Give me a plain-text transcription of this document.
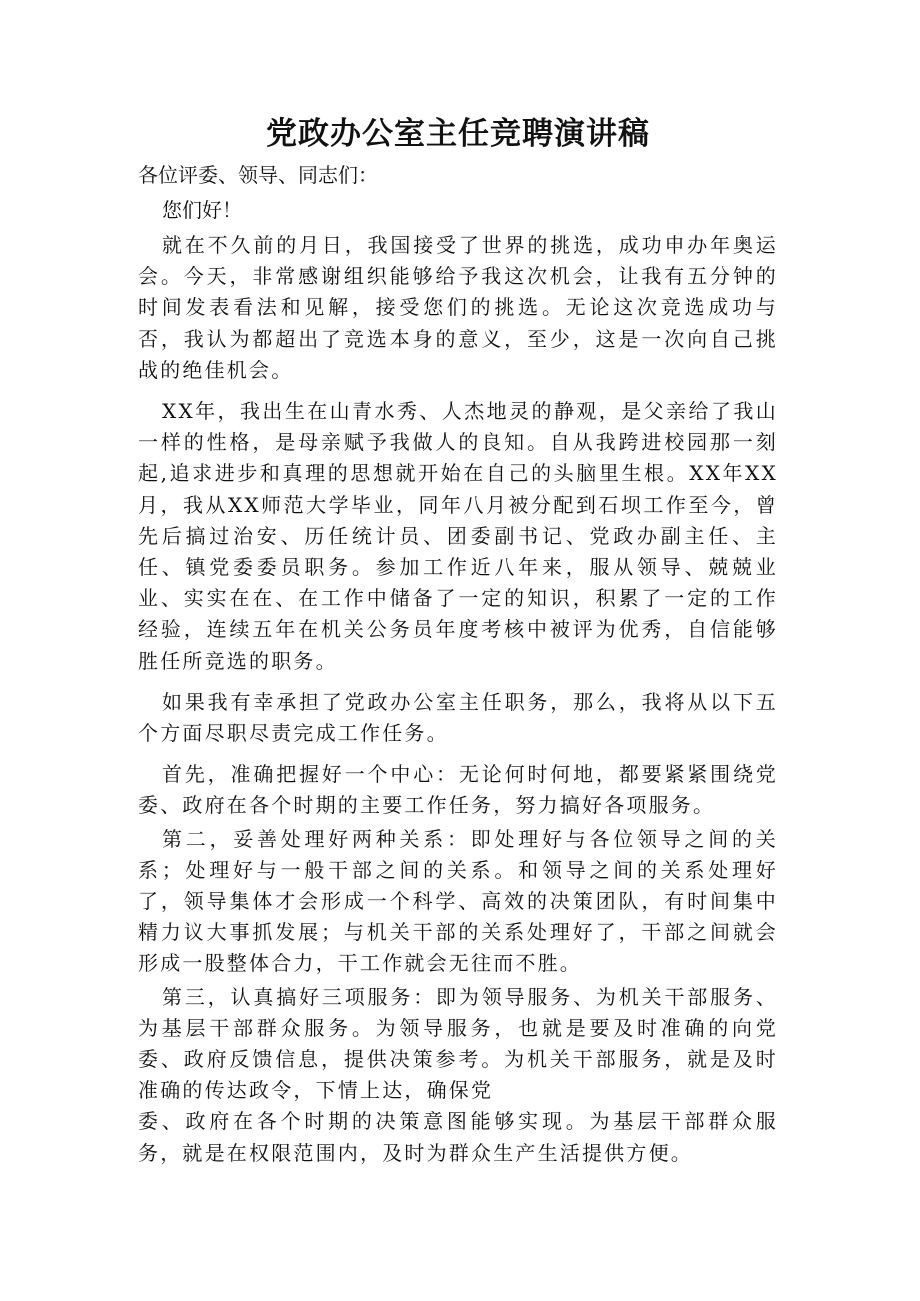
党政办公室主任竞聘演讲稿

各位评委、领导、同志们：

您们好！

就在不久前的月日，我国接受了世界的挑选，成功申办年奥运会。今天，非常感谢组织能够给予我这次机会，让我有五分钟的时间发表看法和见解，接受您们的挑选。无论这次竞选成功与否，我认为都超出了竞选本身的意义，至少，这是一次向自己挑战的绝佳机会。

XX年，我出生在山青水秀、人杰地灵的静观，是父亲给了我山一样的性格，是母亲赋予我做人的良知。自从我跨进校园那一刻起,追求进步和真理的思想就开始在自己的头脑里生根。XX年XX月，我从XX师范大学毕业，同年八月被分配到石坝工作至今，曾先后搞过治安、历任统计员、团委副书记、党政办副主任、主任、镇党委委员职务。参加工作近八年来，服从领导、兢兢业业、实实在在、在工作中储备了一定的知识，积累了一定的工作经验，连续五年在机关公务员年度考核中被评为优秀，自信能够胜任所竞选的职务。

如果我有幸承担了党政办公室主任职务，那么，我将从以下五个方面尽职尽责完成工作任务。

首先，准确把握好一个中心：无论何时何地，都要紧紧围绕党委、政府在各个时期的主要工作任务，努力搞好各项服务。

第二，妥善处理好两种关系：即处理好与各位领导之间的关系；处理好与一般干部之间的关系。和领导之间的关系处理好了，领导集体才会形成一个科学、高效的决策团队，有时间集中精力议大事抓发展；与机关干部的关系处理好了，干部之间就会形成一股整体合力，干工作就会无往而不胜。

第三，认真搞好三项服务：即为领导服务、为机关干部服务、为基层干部群众服务。为领导服务，也就是要及时准确的向党委、政府反馈信息，提供决策参考。为机关干部服务，就是及时准确的传达政令，下情上达，确保党

委、政府在各个时期的决策意图能够实现。为基层干部群众服务，就是在权限范围内，及时为群众生产生活提供方便。
